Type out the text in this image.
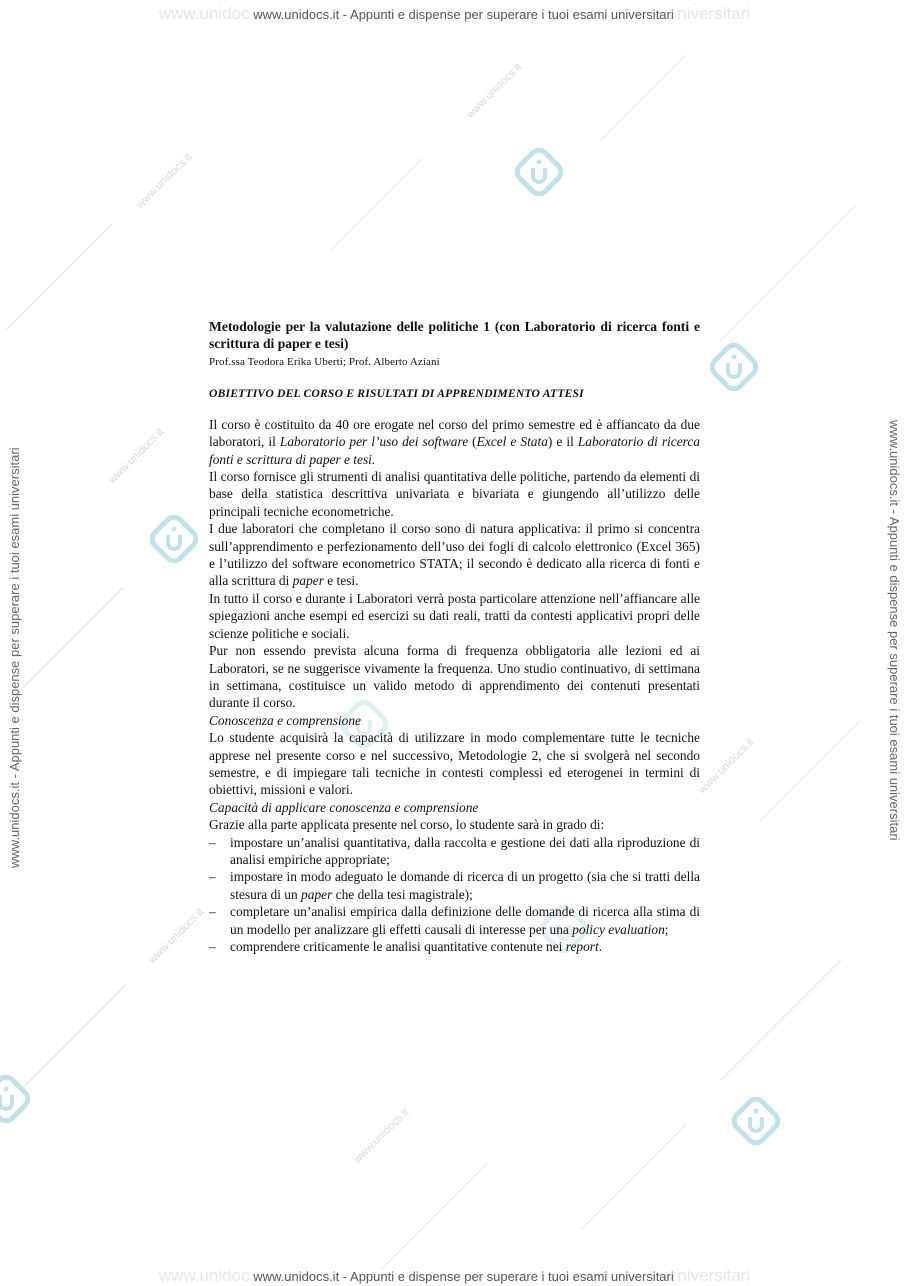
www.unidocs.it
www.unidocs.it
www.unidocs.it
www.unidocs.it
www.unidocs.it
www.unidocs.it
www.unidoc www.unidocs.it - Appunti e dispense per superare i tuoi esami universitari niversitari
www.unidoc www.unidocs.it - Appunti e dispense per superare i tuoi esami universitari niversitari
www.unidocs.it - Appunti e dispense per superare i tuoi esami universitari	www.unidocs.it - Appunti e dispense per superare i tuoi esami universitari
Metodologie per la valutazione delle politiche 1 (con Laboratorio di ricerca fonti e scrittura di paper e tesi)
Prof.ssa Teodora Erika Uberti; Prof. Alberto Aziani
OBIETTIVO DEL CORSO E RISULTATI DI APPRENDIMENTO ATTESI

Il corso è costituito da 40 ore erogate nel corso del primo semestre ed è affiancato da due laboratori, il Laboratorio per l’uso dei software (Excel e Stata) e il Laboratorio di ricerca fonti e scrittura di paper e tesi.

Il corso fornisce gli strumenti di analisi quantitativa delle politiche, partendo da elementi di base della statistica descrittiva univariata e bivariata e giungendo all’utilizzo delle principali tecniche econometriche.

I due laboratori che completano il corso sono di natura applicativa: il primo si concentra sull’apprendimento e perfezionamento dell’uso dei fogli di calcolo elettronico (Excel 365) e l’utilizzo del software econometrico STATA; il secondo è dedicato alla ricerca di fonti e alla scrittura di paper e tesi.

In tutto il corso e durante i Laboratori verrà posta particolare attenzione nell’affiancare alle spiegazioni anche esempi ed esercizi su dati reali, tratti da contesti applicativi propri delle scienze politiche e sociali.

Pur non essendo prevista alcuna forma di frequenza obbligatoria alle lezioni ed ai Laboratori, se ne suggerisce vivamente la frequenza. Uno studio continuativo, di settimana in settimana, costituisce un valido metodo di apprendimento dei contenuti presentati durante il corso.

Conoscenza e comprensione

Lo studente acquisirà la capacità di utilizzare in modo complementare tutte le tecniche apprese nel presente corso e nel successivo, Metodologie 2, che si svolgerà nel secondo semestre, e di impiegare tali tecniche in contesti complessi ed eterogenei in termini di obiettivi, missioni e valori.

Capacità di applicare conoscenza e comprensione

Grazie alla parte applicata presente nel corso, lo studente sarà in grado di:

– impostare un’analisi quantitativa, dalla raccolta e gestione dei dati alla riproduzione di analisi empiriche appropriate;
– impostare in modo adeguato le domande di ricerca di un progetto (sia che si tratti della stesura di un paper che della tesi magistrale);
– completare un’analisi empirica dalla definizione delle domande di ricerca alla stima di un modello per analizzare gli effetti causali di interesse per una policy evaluation;
– comprendere criticamente le analisi quantitative contenute nei report.
